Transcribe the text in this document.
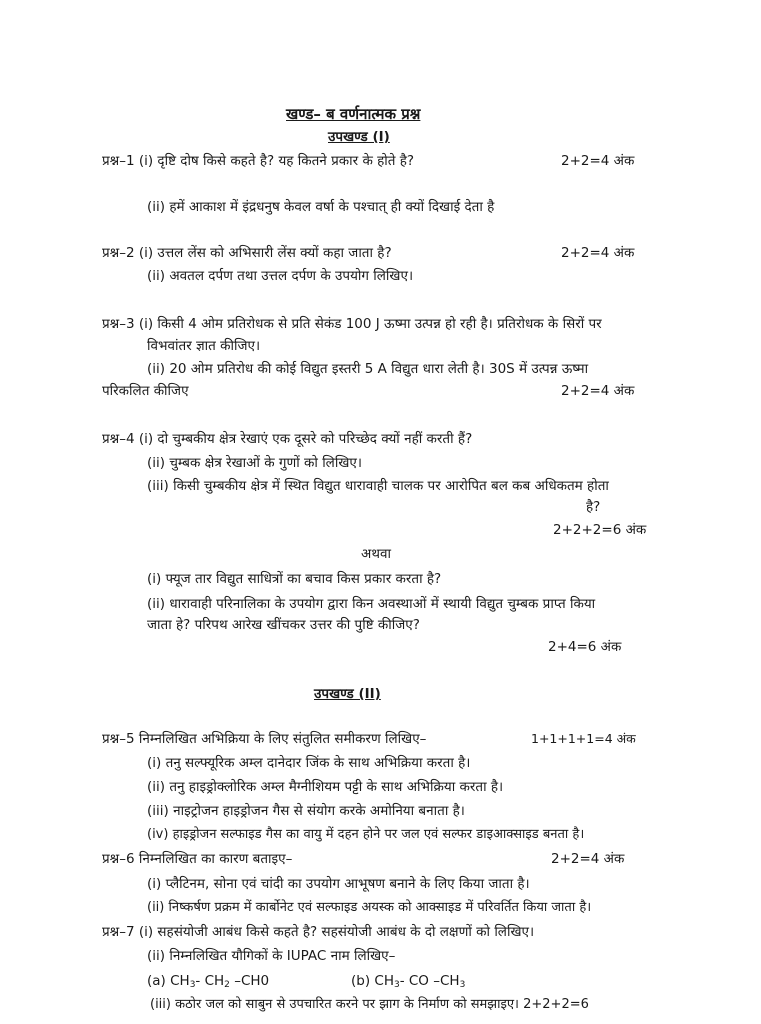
खण्ड– ब वर्णनात्मक प्रश्न
उपखण्ड (I)
प्रश्न–1 (i) दृष्टि दोष किसे कहते है? यह कितने प्रकार के होते है?	2+2=4 अंक
(ii) हमें आकाश में इंद्रधनुष केवल वर्षा के पश्चात् ही क्यों दिखाई देता है
प्रश्न–2 (i) उत्तल लेंस को अभिसारी लेंस क्यों कहा जाता है?	2+2=4 अंक
(ii) अवतल दर्पण तथा उत्तल दर्पण के उपयोग लिखिए।
प्रश्न–3 (i) किसी 4 ओम प्रतिरोधक से प्रति सेकंड 100 J ऊष्मा उत्पन्न हो रही है। प्रतिरोधक के सिरों पर
विभवांतर ज्ञात कीजिए।
(ii) 20 ओम प्रतिरोध की कोई विद्युत इस्तरी 5 A विद्युत धारा लेती है। 30S में उत्पन्न ऊष्मा
परिकलित कीजिए	2+2=4 अंक
प्रश्न–4 (i) दो चुम्बकीय क्षेत्र रेखाएं एक दूसरे को परिच्छेद क्यों नहीं करती हैं?
(ii) चुम्बक क्षेत्र रेखाओं के गुणों को लिखिए।
(iii) किसी चुम्बकीय क्षेत्र में स्थित विद्युत धारावाही चालक पर आरोपित बल कब अधिकतम होता
है?
2+2+2=6 अंक
अथवा
(i) फ्यूज तार विद्युत साधित्रों का बचाव किस प्रकार करता है?
(ii) धारावाही परिनालिका के उपयोग द्वारा किन अवस्थाओं में स्थायी विद्युत चुम्बक प्राप्त किया
जाता हे? परिपथ आरेख खींचकर उत्तर की पुष्टि कीजिए?
2+4=6 अंक
उपखण्ड (II)
प्रश्न–5 निम्नलिखित अभिक्रिया के लिए संतुलित समीकरण लिखिए–	1+1+1+1=4 अंक
(i) तनु सल्फ्यूरिक अम्ल दानेदार जिंक के साथ अभिक्रिया करता है।
(ii) तनु हाइड्रोक्लोरिक अम्ल मैग्नीशियम पट्टी के साथ अभिक्रिया करता है।
(iii) नाइट्रोजन हाइड्रोजन गैस से संयोग करके अमोनिया बनाता है।
(iv) हाइड्रोजन सल्फाइड गैस का वायु में दहन होने पर जल एवं सल्फर डाइआक्साइड बनता है।
प्रश्न–6 निम्नलिखित का कारण बताइए–	2+2=4 अंक
(i) प्लैटिनम, सोना एवं चांदी का उपयोग आभूषण बनाने के लिए किया जाता है।
(ii) निष्कर्षण प्रक्रम में कार्बोनेट एवं सल्फाइड अयस्क को आक्साइड में परिवर्तित किया जाता है।
प्रश्न–7 (i) सहसंयोजी आबंध किसे कहते है? सहसंयोजी आबंध के दो लक्षणों को लिखिए।
(ii) निम्नलिखित यौगिकों के IUPAC नाम लिखिए–
(a) $CH_3-$ $CH_2$ –CH0	(b) $CH_3-$ CO $-CH_3$
(iii) कठोर जल को साबुन से उपचारित करने पर झाग के निर्माण को समझाइए। 2+2+2=6
